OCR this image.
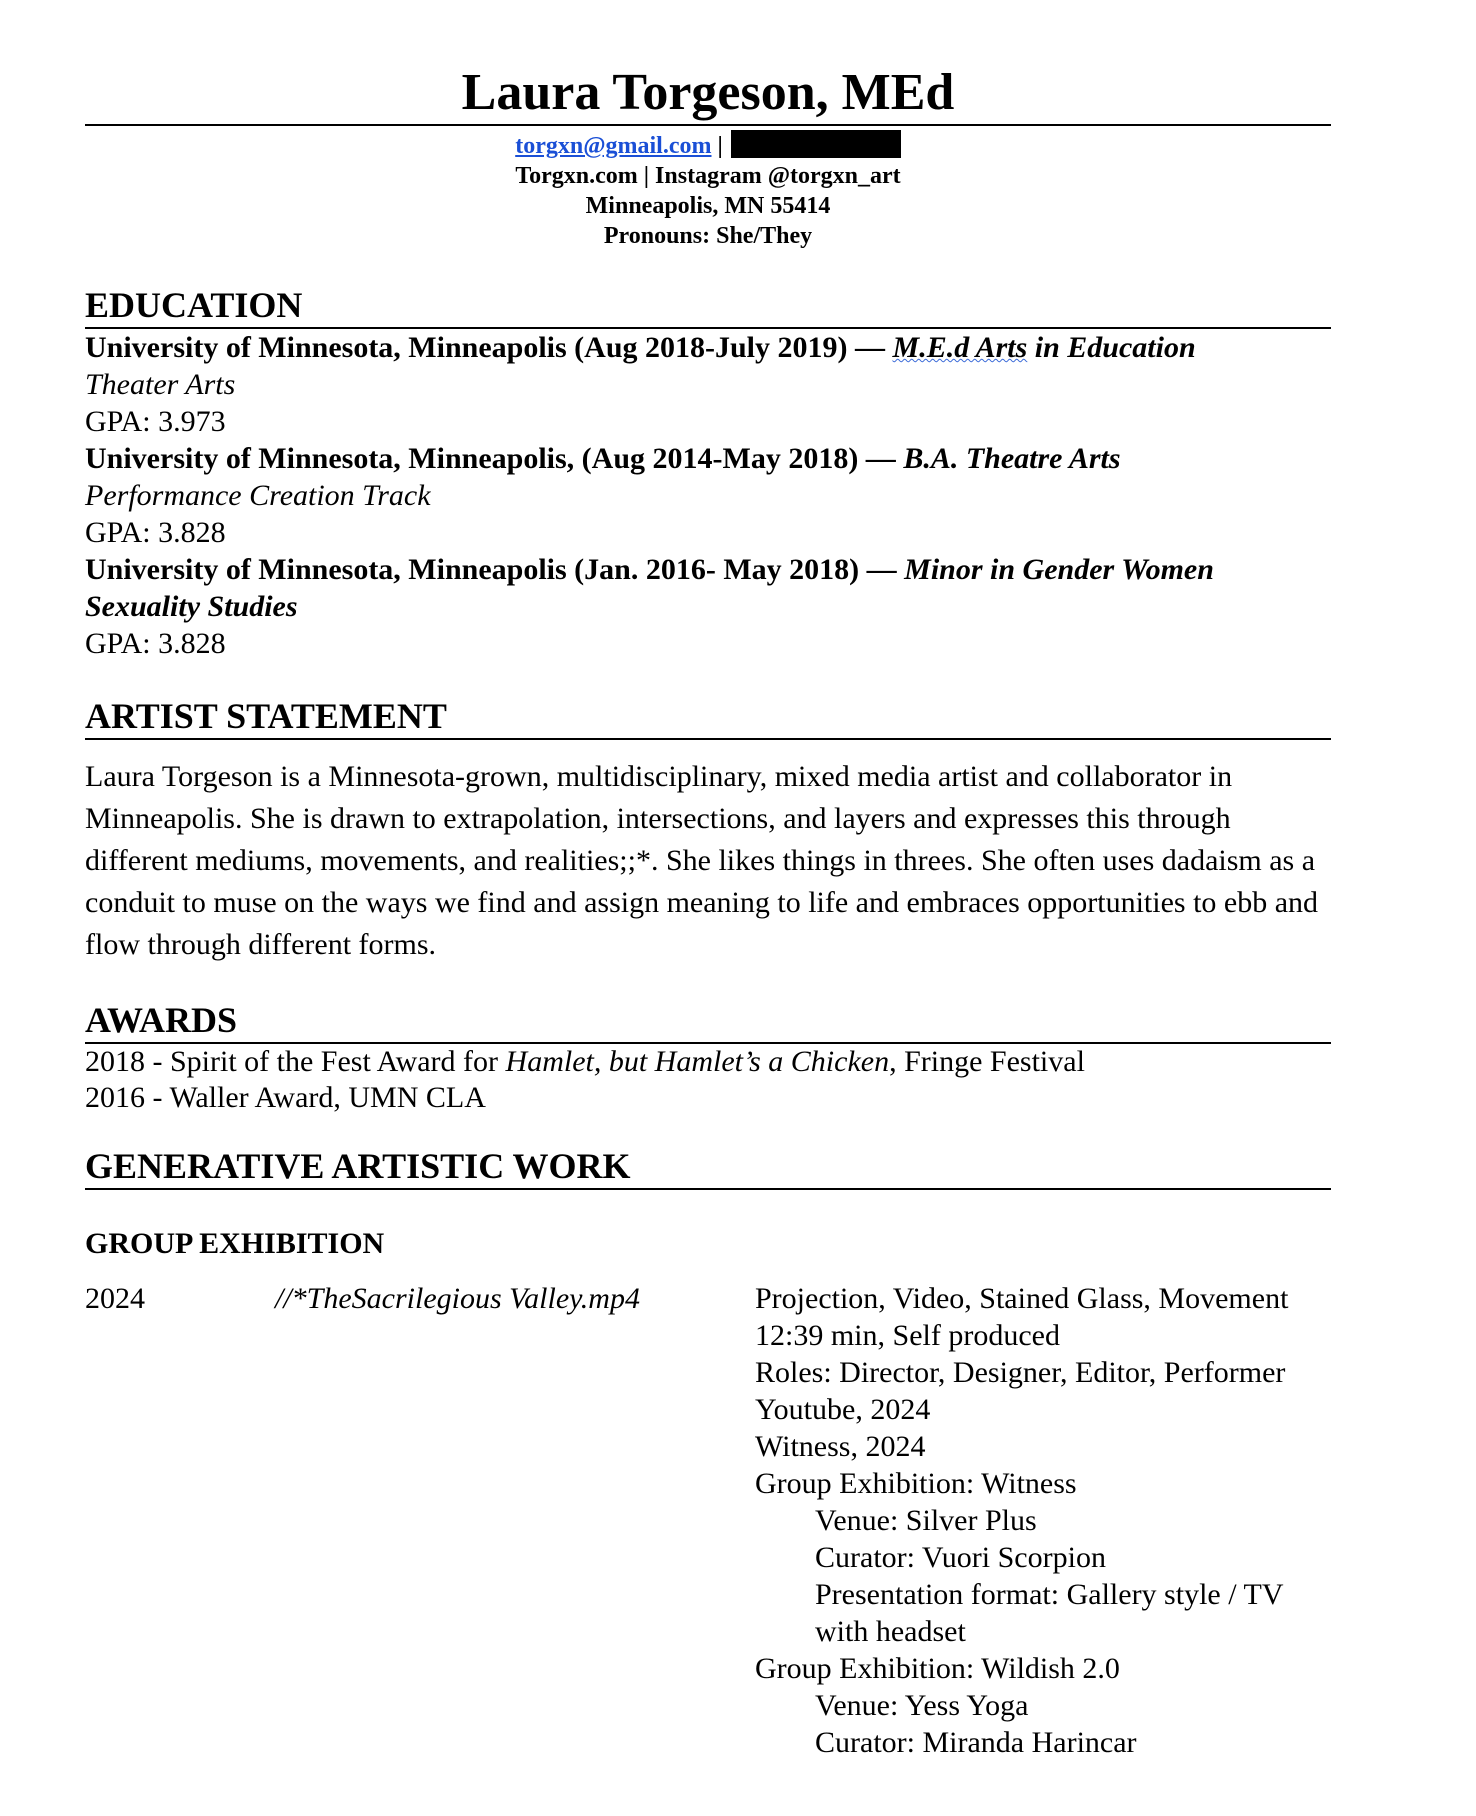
Laura Torgeson, MEd
torgxn@gmail.com |
Torgxn.com | Instagram @torgxn_art
Minneapolis, MN 55414
Pronouns: She/They
EDUCATION
University of Minnesota, Minneapolis (Aug 2018-July 2019) — M.E.d Arts in Education
Theater Arts
GPA: 3.973
University of Minnesota, Minneapolis, (Aug 2014-May 2018) — B.A. Theatre Arts
Performance Creation Track
GPA: 3.828
University of Minnesota, Minneapolis (Jan. 2016- May 2018) — Minor in Gender Women Sexuality Studies
GPA: 3.828
ARTIST STATEMENT
Laura Torgeson is a Minnesota-grown, multidisciplinary, mixed media artist and collaborator in Minneapolis. She is drawn to extrapolation, intersections, and layers and expresses this through different mediums, movements, and realities;;*. She likes things in threes. She often uses dadaism as a conduit to muse on the ways we find and assign meaning to life and embraces opportunities to ebb and flow through different forms.
AWARDS
2018 - Spirit of the Fest Award for Hamlet, but Hamlet’s a Chicken, Fringe Festival
2016 - Waller Award, UMN CLA
GENERATIVE ARTISTIC WORK
GROUP EXHIBITION
2024	//*TheSacrilegious Valley.mp4	Projection, Video, Stained Glass, Movement
12:39 min, Self produced
Roles: Director, Designer, Editor, Performer
Youtube, 2024
Witness, 2024
Group Exhibition: Witness
Venue: Silver Plus
Curator: Vuori Scorpion
Presentation format: Gallery style / TV with headset
Group Exhibition: Wildish 2.0
Venue: Yess Yoga
Curator: Miranda Harincar
